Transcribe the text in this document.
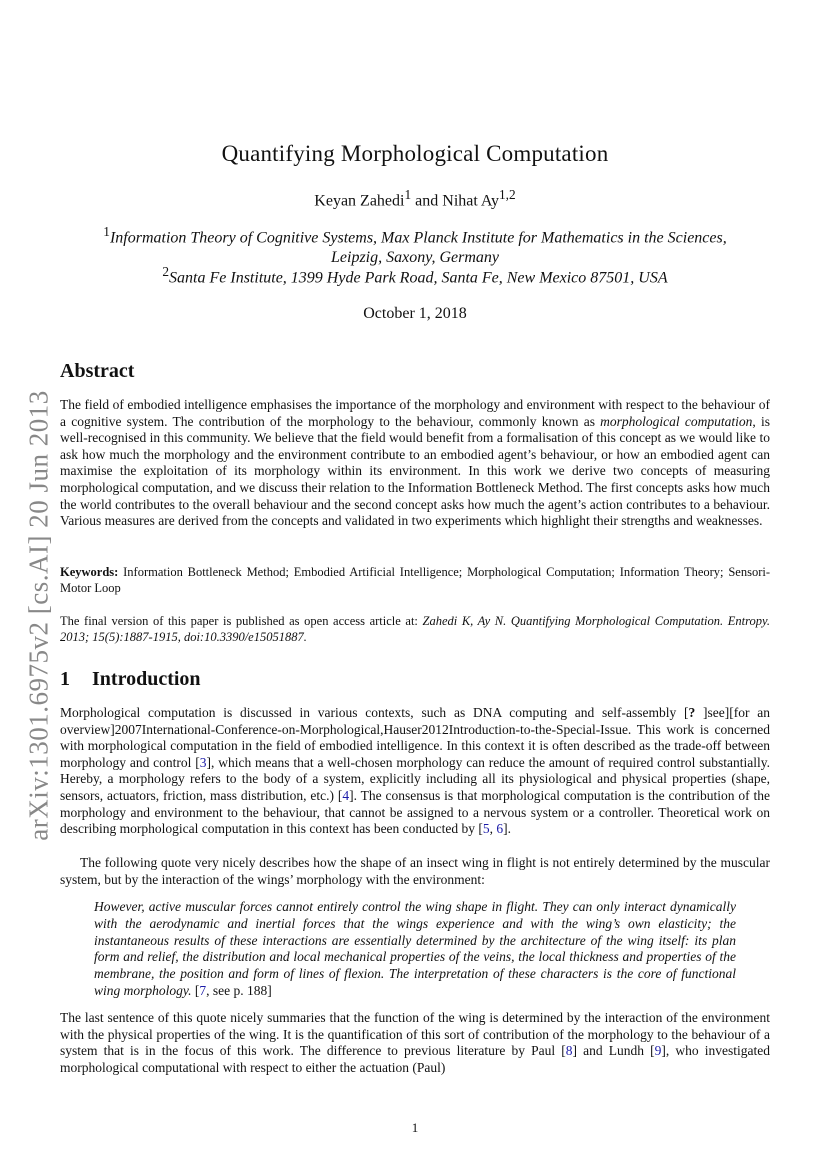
arXiv:1301.6975v2 [cs.AI] 20 Jun 2013
Quantifying Morphological Computation
Keyan Zahedi$^1$ and Nihat Ay$^{1,2}$
$^1$Information Theory of Cognitive Systems, Max Planck Institute for Mathematics in the Sciences,
Leipzig, Saxony, Germany
$^2$Santa Fe Institute, 1399 Hyde Park Road, Santa Fe, New Mexico 87501, USA
October 1, 2018
Abstract

The field of embodied intelligence emphasises the importance of the morphology and environment with respect to the behaviour of a cognitive system. The contribution of the morphology to the behaviour, commonly known as morphological computation, is well-recognised in this community. We believe that the field would benefit from a formalisation of this concept as we would like to ask how much the morphology and the environment contribute to an embodied agent’s behaviour, or how an embodied agent can maximise the exploitation of its morphology within its environment. In this work we derive two concepts of measuring morphological computation, and we discuss their relation to the Information Bottleneck Method. The first concepts asks how much the world contributes to the overall behaviour and the second concept asks how much the agent’s action contributes to a behaviour. Various measures are derived from the concepts and validated in two experiments which highlight their strengths and weaknesses.

Keywords: Information Bottleneck Method; Embodied Artificial Intelligence; Morphological Computation; Information Theory; Sensori-Motor Loop

The final version of this paper is published as open access article at: Zahedi K, Ay N. Quantifying Morphological Computation. Entropy. 2013; 15(5):1887-1915, doi:10.3390/e15051887.

1 Introduction

Morphological computation is discussed in various contexts, such as DNA computing and self-assembly [? ]see][for an overview]2007International-Conference-on-Morphological,Hauser2012Introduction-to-the-Special-Issue. This work is concerned with morphological computation in the field of embodied intelligence. In this context it is often described as the trade-off between morphology and control [3], which means that a well-chosen morphology can reduce the amount of required control substantially. Hereby, a morphology refers to the body of a system, explicitly including all its physiological and physical properties (shape, sensors, actuators, friction, mass distribution, etc.) [4]. The consensus is that morphological computation is the contribution of the morphology and environment to the behaviour, that cannot be assigned to a nervous system or a controller. Theoretical work on describing morphological computation in this context has been conducted by [5, 6].

The following quote very nicely describes how the shape of an insect wing in flight is not entirely determined by the muscular system, but by the interaction of the wings’ morphology with the environment:

However, active muscular forces cannot entirely control the wing shape in flight. They can only interact dynamically with the aerodynamic and inertial forces that the wings experience and with the wing’s own elasticity; the instantaneous results of these interactions are essentially determined by the architecture of the wing itself: its plan form and relief, the distribution and local mechanical properties of the veins, the local thickness and properties of the membrane, the position and form of lines of flexion. The interpretation of these characters is the core of functional wing morphology. [7, see p. 188]

The last sentence of this quote nicely summaries that the function of the wing is determined by the interaction of the environment with the physical properties of the wing. It is the quantification of this sort of contribution of the morphology to the behaviour of a system that is in the focus of this work. The difference to previous literature by Paul [8] and Lundh [9], who investigated morphological computational with respect to either the actuation (Paul)

1
